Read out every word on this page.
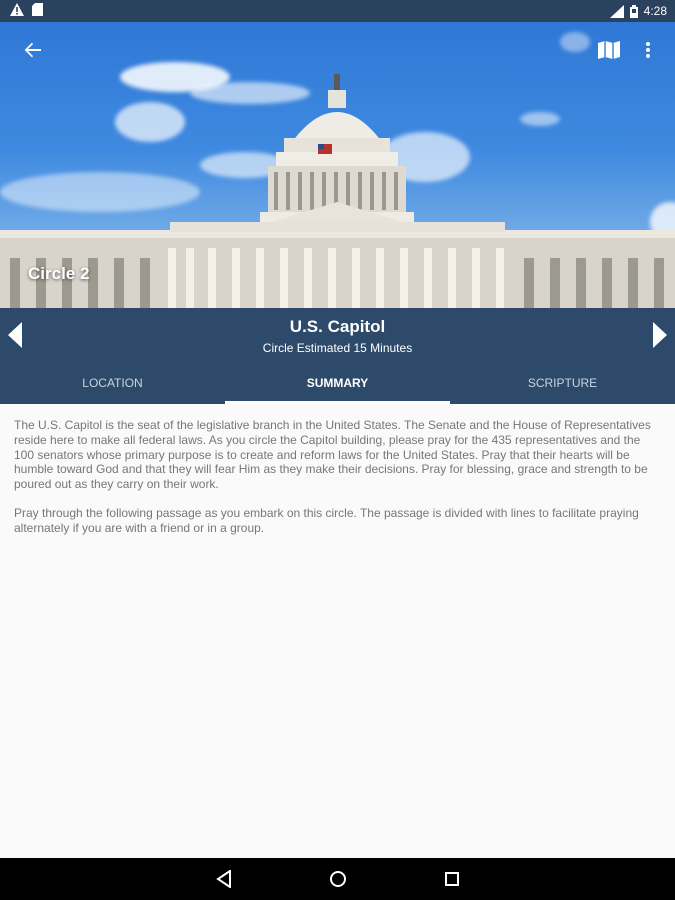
4:28
Circle 2
U.S. Capitol
Circle Estimated 15 Minutes
LOCATION	SUMMARY	SCRIPTURE

The U.S. Capitol is the seat of the legislative branch in the United States. The Senate and the House of Representatives reside here to make all federal laws. As you circle the Capitol building, please pray for the 435 representatives and the 100 senators whose primary purpose is to create and reform laws for the United States. Pray that their hearts will be humble toward God and that they will fear Him as they make their decisions. Pray for blessing, grace and strength to be poured out as they carry on their work.

Pray through the following passage as you embark on this circle. The passage is divided with lines to facilitate praying alternately if you are with a friend or in a group.
